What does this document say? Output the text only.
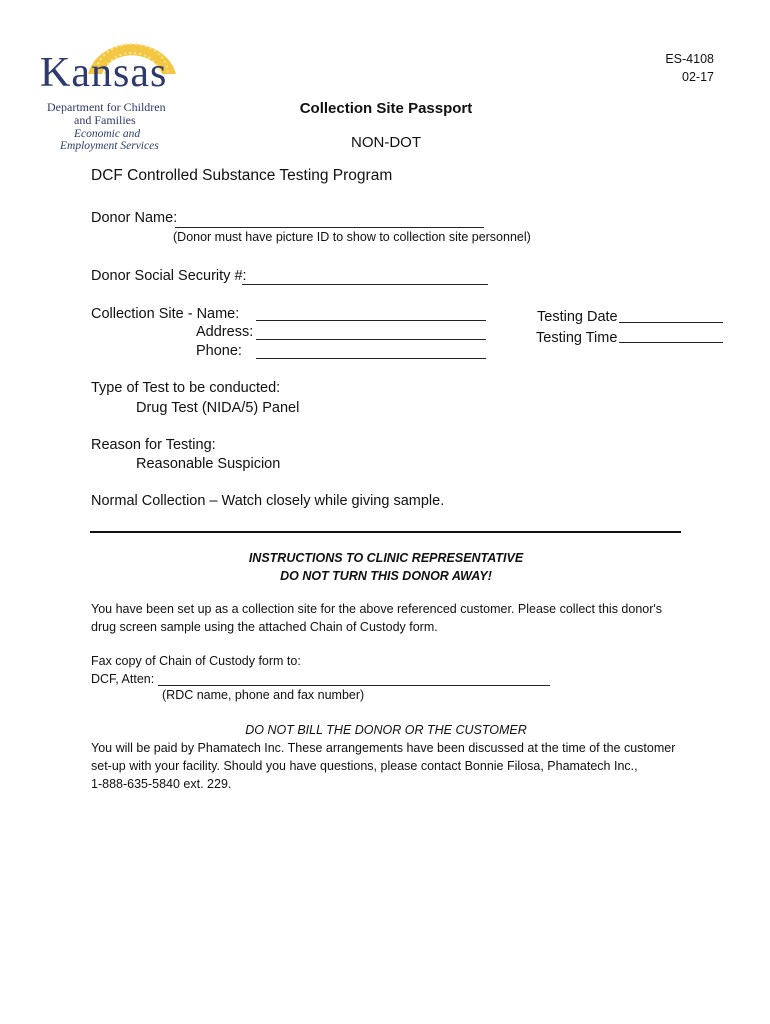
Kansas
Department for Children
and Families
Economic and
Employment Services
ES-4108
02-17
Collection Site Passport
NON-DOT
DCF Controlled Substance Testing Program
Donor Name:
(Donor must have picture ID to show to collection site personnel)
Donor Social Security #:
Collection Site - Name:
Address:
Phone:
Testing Date
Testing Time
Type of Test to be conducted:
Drug Test (NIDA/5) Panel
Reason for Testing:
Reasonable Suspicion
Normal Collection – Watch closely while giving sample.
INSTRUCTIONS TO CLINIC REPRESENTATIVE
DO NOT TURN THIS DONOR AWAY!
You have been set up as a collection site for the above referenced customer. Please collect this donor's
drug screen sample using the attached Chain of Custody form.
Fax copy of Chain of Custody form to:
DCF, Atten:
(RDC name, phone and fax number)
DO NOT BILL THE DONOR OR THE CUSTOMER
You will be paid by Phamatech Inc. These arrangements have been discussed at the time of the customer
set-up with your facility. Should you have questions, please contact Bonnie Filosa, Phamatech Inc.,
1-888-635-5840 ext. 229.
